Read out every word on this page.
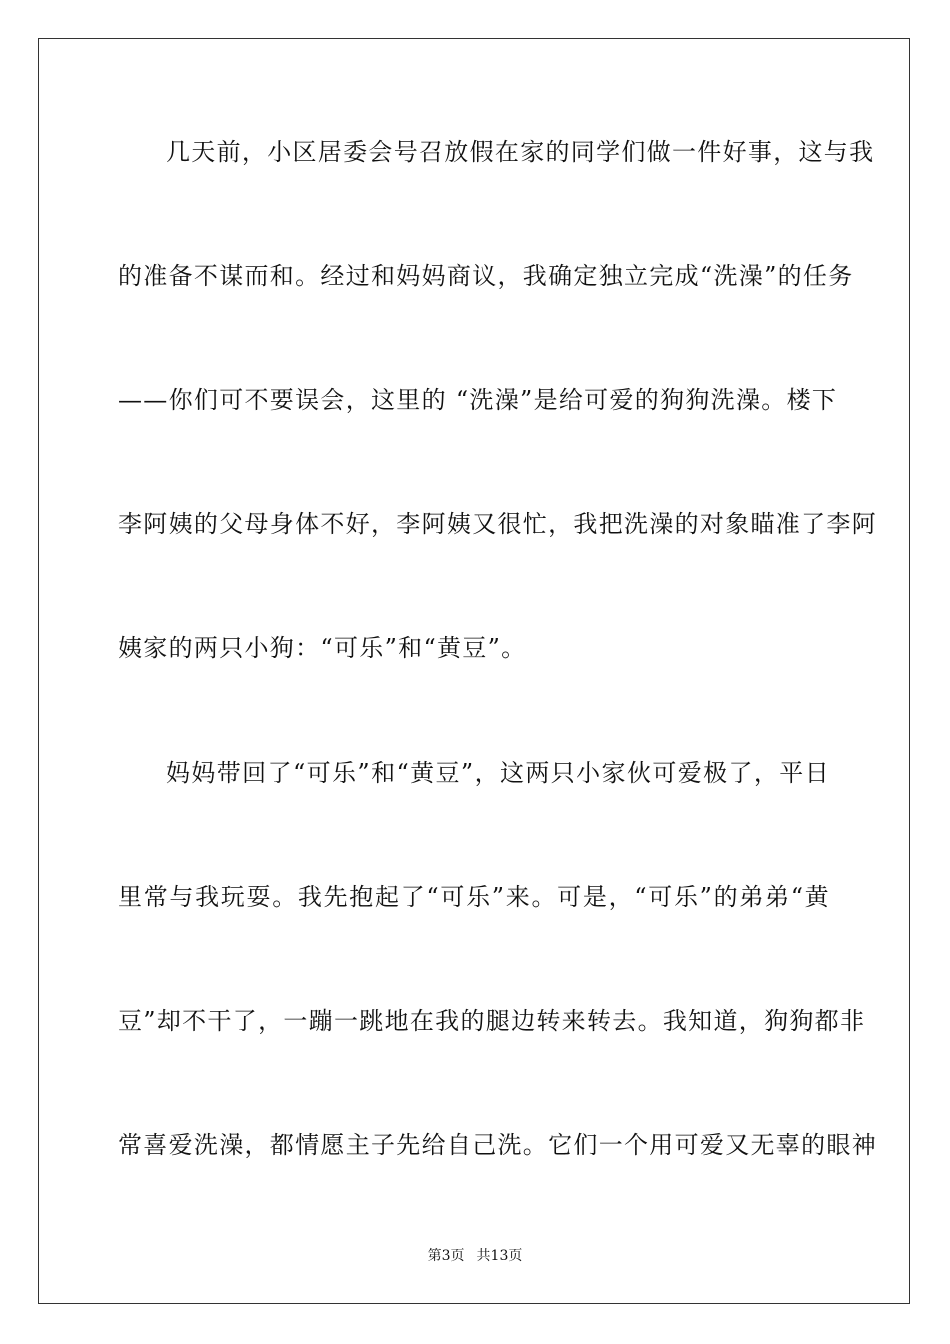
几天前，小区居委会号召放假在家的同学们做一件好事，这与我
的准备不谋而和。经过和妈妈商议，我确定独立完成“洗澡”的任务
——你们可不要误会，这里的 “洗澡”是给可爱的狗狗洗澡。楼下
李阿姨的父母身体不好，李阿姨又很忙，我把洗澡的对象瞄准了李阿
姨家的两只小狗：“可乐”和“黄豆”。
妈妈带回了“可乐”和“黄豆”，这两只小家伙可爱极了，平日
里常与我玩耍。我先抱起了“可乐”来。可是，“可乐”的弟弟“黄
豆”却不干了，一蹦一跳地在我的腿边转来转去。我知道，狗狗都非
常喜爱洗澡，都情愿主子先给自己洗。它们一个用可爱又无辜的眼神
第3页 共13页
